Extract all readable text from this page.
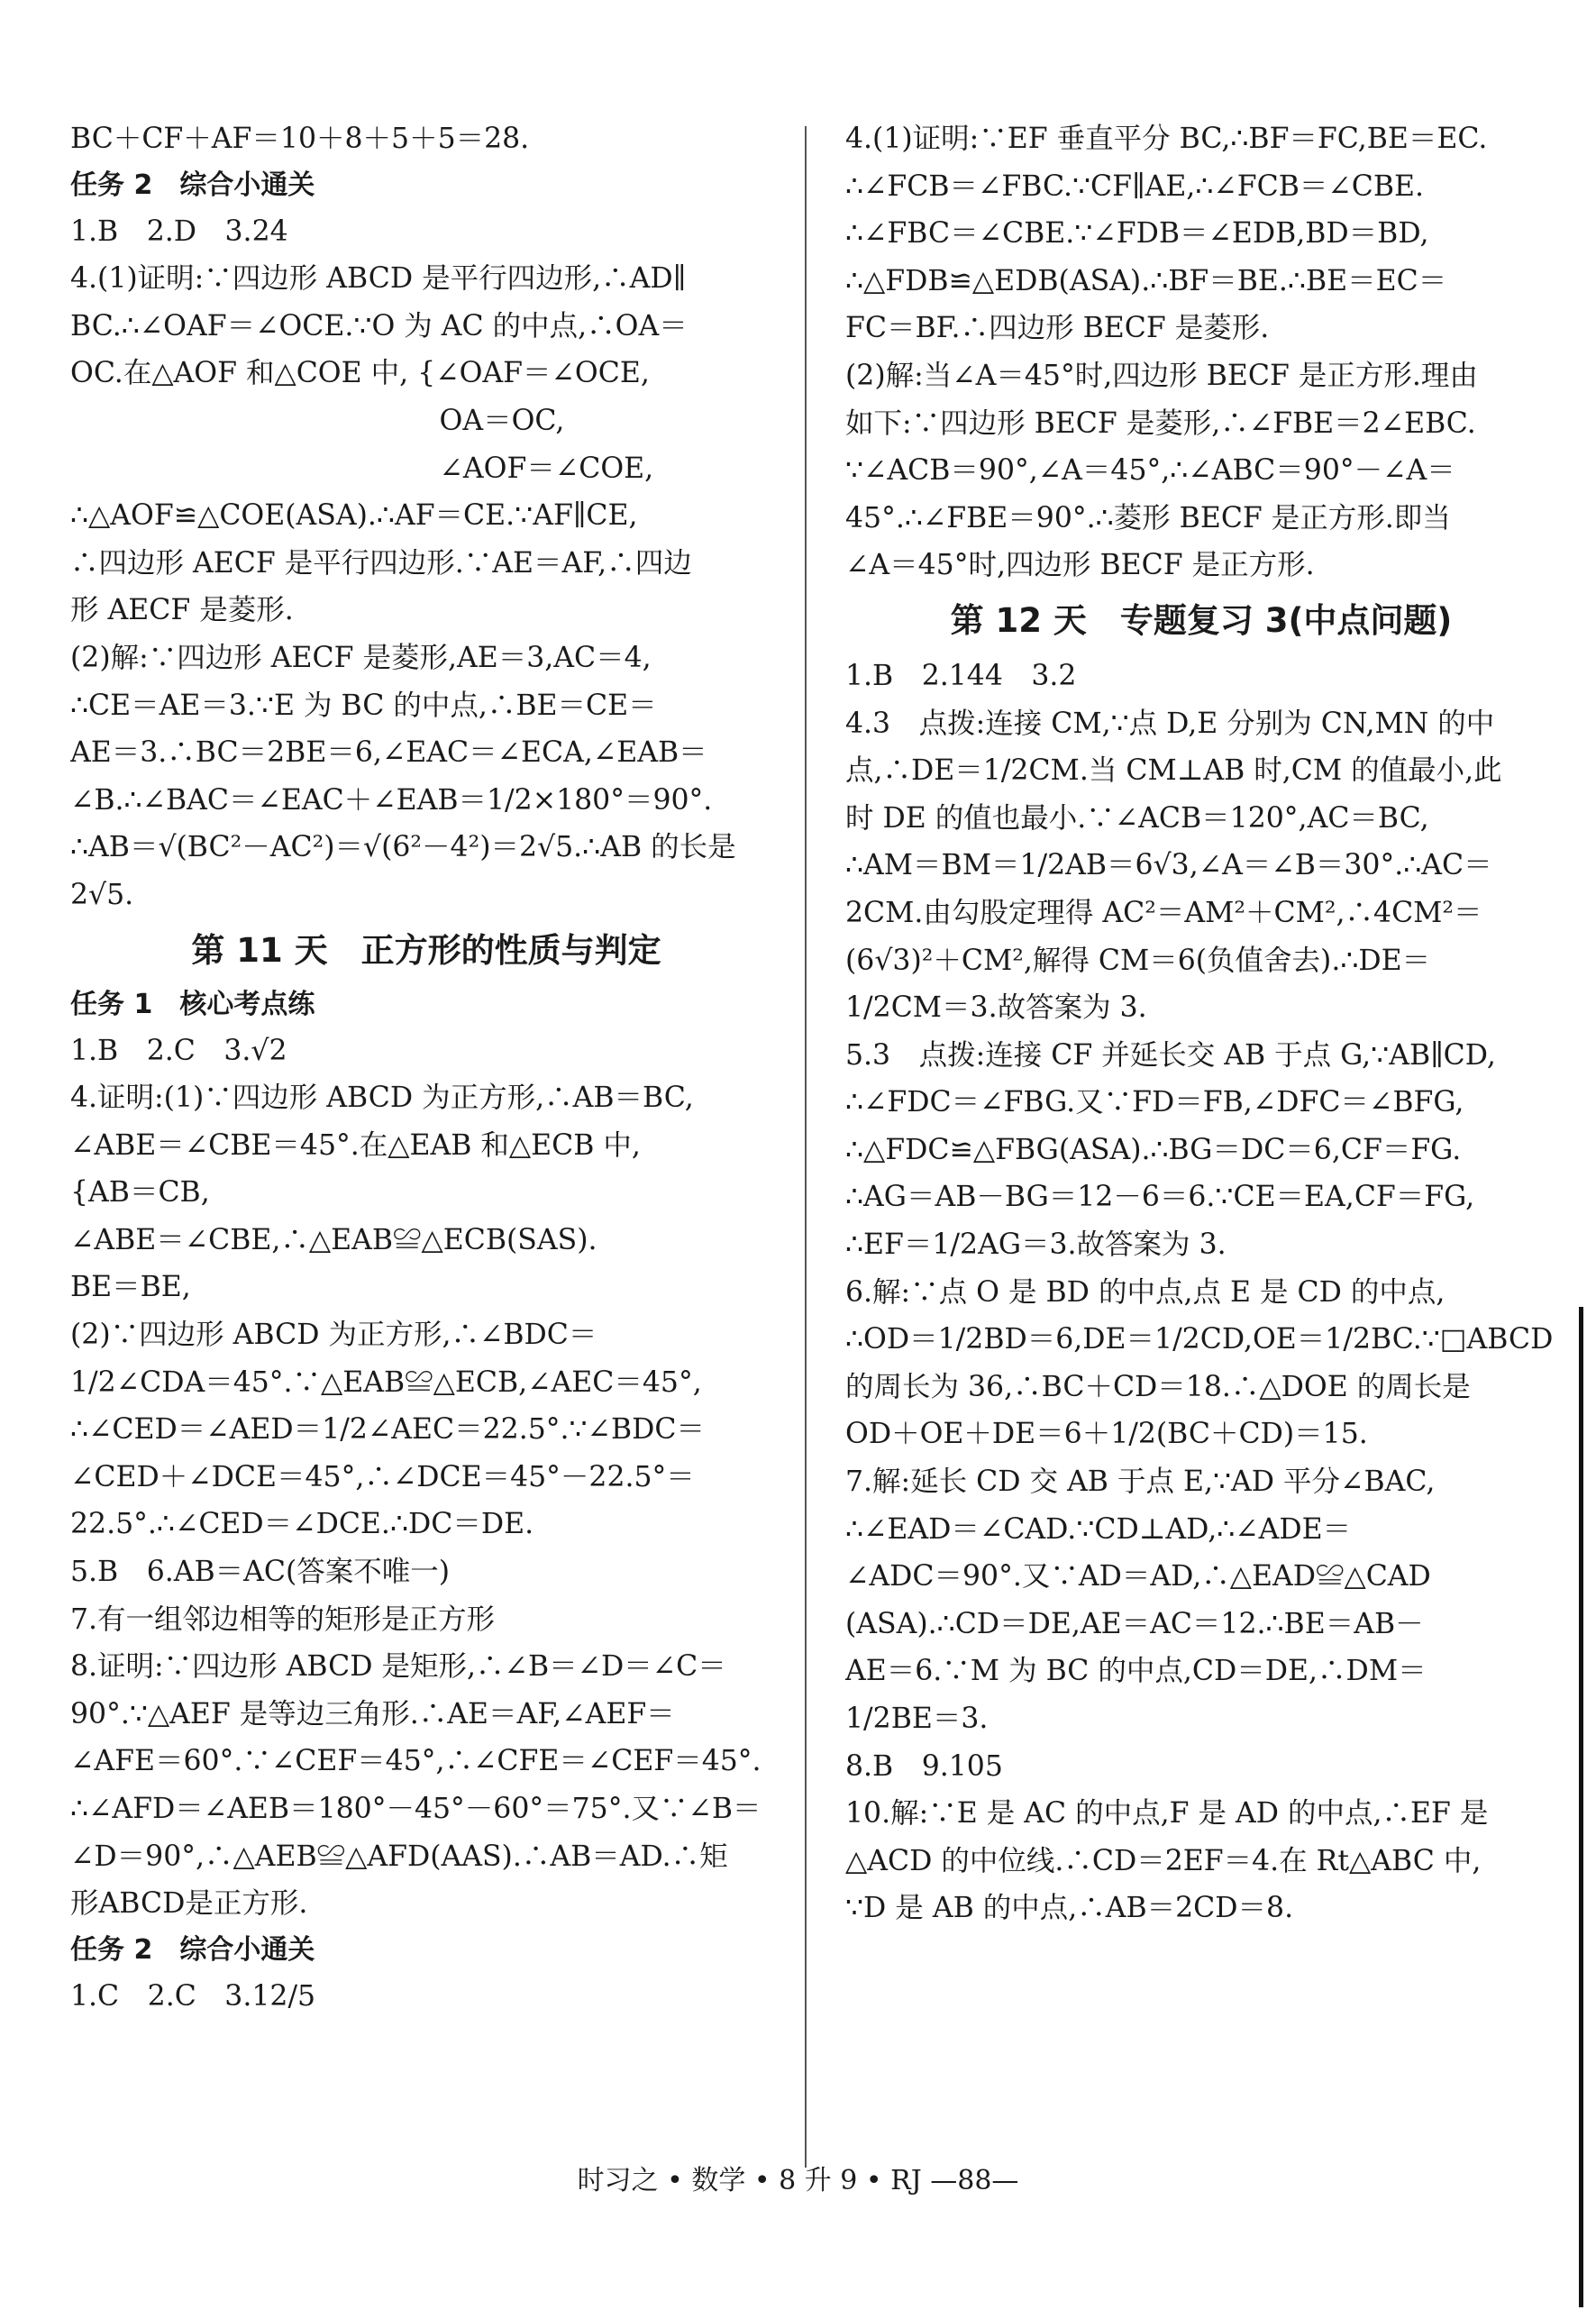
BC＋CF＋AF＝10＋8＋5＋5＝28.
任务 2　综合小通关
1.B　2.D　3.24
4.(1)证明:∵四边形 ABCD 是平行四边形,∴AD∥
BC.∴∠OAF＝∠OCE.∵O 为 AC 的中点,∴OA＝
OC.在△AOF 和△COE 中, {∠OAF＝∠OCE,
　　　　　　　　　　　　　OA＝OC,
　　　　　　　　　　　　　∠AOF＝∠COE,
∴△AOF≌△COE(ASA).∴AF＝CE.∵AF∥CE,
∴四边形 AECF 是平行四边形.∵AE＝AF,∴四边
形 AECF 是菱形.
(2)解:∵四边形 AECF 是菱形,AE＝3,AC＝4,
∴CE＝AE＝3.∵E 为 BC 的中点,∴BE＝CE＝
AE＝3.∴BC＝2BE＝6,∠EAC＝∠ECA,∠EAB＝
∠B.∴∠BAC＝∠EAC＋∠EAB＝1/2×180°＝90°.
∴AB＝√(BC²－AC²)＝√(6²－4²)＝2√5.∴AB 的长是
2√5.
第 11 天　正方形的性质与判定
任务 1　核心考点练
1.B　2.C　3.√2
4.证明:(1)∵四边形 ABCD 为正方形,∴AB＝BC,
∠ABE＝∠CBE＝45°.在△EAB 和△ECB 中,
{AB＝CB,
∠ABE＝∠CBE,∴△EAB≌△ECB(SAS).
BE＝BE,
(2)∵四边形 ABCD 为正方形,∴∠BDC＝
1/2∠CDA＝45°.∵△EAB≌△ECB,∠AEC＝45°,
∴∠CED＝∠AED＝1/2∠AEC＝22.5°.∵∠BDC＝
∠CED＋∠DCE＝45°,∴∠DCE＝45°－22.5°＝
22.5°.∴∠CED＝∠DCE.∴DC＝DE.
5.B　6.AB＝AC(答案不唯一)
7.有一组邻边相等的矩形是正方形
8.证明:∵四边形 ABCD 是矩形,∴∠B＝∠D＝∠C＝
90°.∵△AEF 是等边三角形.∴AE＝AF,∠AEF＝
∠AFE＝60°.∵∠CEF＝45°,∴∠CFE＝∠CEF＝45°.
∴∠AFD＝∠AEB＝180°－45°－60°＝75°.又∵∠B＝
∠D＝90°,∴△AEB≌△AFD(AAS).∴AB＝AD.∴矩
形ABCD是正方形.
任务 2　综合小通关
1.C　2.C　3.12/5
4.(1)证明:∵EF 垂直平分 BC,∴BF＝FC,BE＝EC.
∴∠FCB＝∠FBC.∵CF∥AE,∴∠FCB＝∠CBE.
∴∠FBC＝∠CBE.∵∠FDB＝∠EDB,BD＝BD,
∴△FDB≌△EDB(ASA).∴BF＝BE.∴BE＝EC＝
FC＝BF.∴四边形 BECF 是菱形.
(2)解:当∠A＝45°时,四边形 BECF 是正方形.理由
如下:∵四边形 BECF 是菱形,∴∠FBE＝2∠EBC.
∵∠ACB＝90°,∠A＝45°,∴∠ABC＝90°－∠A＝
45°.∴∠FBE＝90°.∴菱形 BECF 是正方形.即当
∠A＝45°时,四边形 BECF 是正方形.
第 12 天　专题复习 3(中点问题)
1.B　2.144　3.2
4.3　点拨:连接 CM,∵点 D,E 分别为 CN,MN 的中
点,∴DE＝1/2CM.当 CM⊥AB 时,CM 的值最小,此
时 DE 的值也最小.∵∠ACB＝120°,AC＝BC,
∴AM＝BM＝1/2AB＝6√3,∠A＝∠B＝30°.∴AC＝
2CM.由勾股定理得 AC²＝AM²＋CM²,∴4CM²＝
(6√3)²＋CM²,解得 CM＝6(负值舍去).∴DE＝
1/2CM＝3.故答案为 3.
5.3　点拨:连接 CF 并延长交 AB 于点 G,∵AB∥CD,
∴∠FDC＝∠FBG.又∵FD＝FB,∠DFC＝∠BFG,
∴△FDC≌△FBG(ASA).∴BG＝DC＝6,CF＝FG.
∴AG＝AB－BG＝12－6＝6.∵CE＝EA,CF＝FG,
∴EF＝1/2AG＝3.故答案为 3.
6.解:∵点 O 是 BD 的中点,点 E 是 CD 的中点,
∴OD＝1/2BD＝6,DE＝1/2CD,OE＝1/2BC.∵□ABCD
的周长为 36,∴BC＋CD＝18.∴△DOE 的周长是
OD＋OE＋DE＝6＋1/2(BC＋CD)＝15.
7.解:延长 CD 交 AB 于点 E,∵AD 平分∠BAC,
∴∠EAD＝∠CAD.∵CD⊥AD,∴∠ADE＝
∠ADC＝90°.又∵AD＝AD,∴△EAD≌△CAD
(ASA).∴CD＝DE,AE＝AC＝12.∴BE＝AB－
AE＝6.∵M 为 BC 的中点,CD＝DE,∴DM＝
1/2BE＝3.
8.B　9.105
10.解:∵E 是 AC 的中点,F 是 AD 的中点,∴EF 是
△ACD 的中位线.∴CD＝2EF＝4.在 Rt△ABC 中,
∵D 是 AB 的中点,∴AB＝2CD＝8.
时习之 • 数学 • 8 升 9 • RJ —88—
